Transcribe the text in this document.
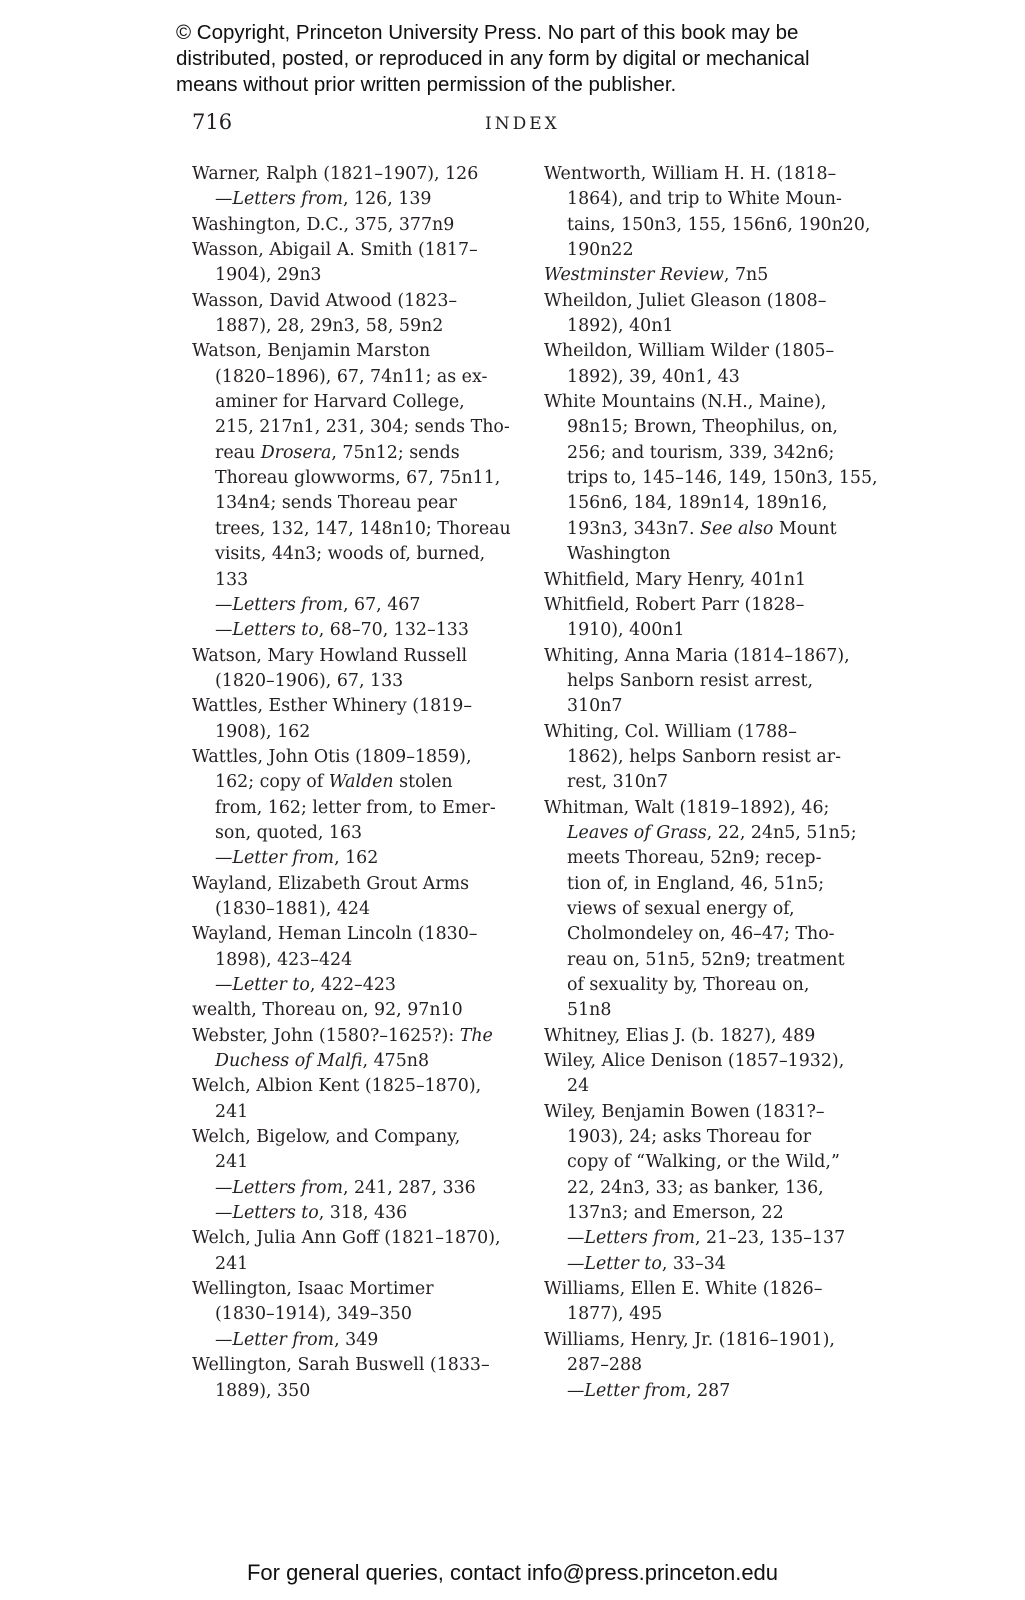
© Copyright, Princeton University Press. No part of this book may be
distributed, posted, or reproduced in any form by digital or mechanical
means without prior written permission of the publisher.
716	INDEX
Warner, Ralph (1821–1907), 126
—Letters from, 126, 139
Washington, D.C., 375, 377n9
Wasson, Abigail A. Smith (1817–
1904), 29n3
Wasson, David Atwood (1823–
1887), 28, 29n3, 58, 59n2
Watson, Benjamin Marston
(1820–1896), 67, 74n11; as ex-
aminer for Harvard College,
215, 217n1, 231, 304; sends Tho-
reau Drosera, 75n12; sends
Thoreau glowworms, 67, 75n11,
134n4; sends Thoreau pear
trees, 132, 147, 148n10; Thoreau
visits, 44n3; woods of, burned,
133
—Letters from, 67, 467
—Letters to, 68–70, 132–133
Watson, Mary Howland Russell
(1820–1906), 67, 133
Wattles, Esther Whinery (1819–
1908), 162
Wattles, John Otis (1809–1859),
162; copy of Walden stolen
from, 162; letter from, to Emer-
son, quoted, 163
—Letter from, 162
Wayland, Elizabeth Grout Arms
(1830–1881), 424
Wayland, Heman Lincoln (1830–
1898), 423–424
—Letter to, 422–423
wealth, Thoreau on, 92, 97n10
Webster, John (1580?–1625?): The
Duchess of Malfi, 475n8
Welch, Albion Kent (1825–1870),
241
Welch, Bigelow, and Company,
241
—Letters from, 241, 287, 336
—Letters to, 318, 436
Welch, Julia Ann Goff (1821–1870),
241
Wellington, Isaac Mortimer
(1830–1914), 349–350
—Letter from, 349
Wellington, Sarah Buswell (1833–
1889), 350
Wentworth, William H. H. (1818–
1864), and trip to White Moun-
tains, 150n3, 155, 156n6, 190n20,
190n22
Westminster Review, 7n5
Wheildon, Juliet Gleason (1808–
1892), 40n1
Wheildon, William Wilder (1805–
1892), 39, 40n1, 43
White Mountains (N.H., Maine),
98n15; Brown, Theophilus, on,
256; and tourism, 339, 342n6;
trips to, 145–146, 149, 150n3, 155,
156n6, 184, 189n14, 189n16,
193n3, 343n7. See also Mount
Washington
Whitfield, Mary Henry, 401n1
Whitfield, Robert Parr (1828–
1910), 400n1
Whiting, Anna Maria (1814–1867),
helps Sanborn resist arrest,
310n7
Whiting, Col. William (1788–
1862), helps Sanborn resist ar-
rest, 310n7
Whitman, Walt (1819–1892), 46;
Leaves of Grass, 22, 24n5, 51n5;
meets Thoreau, 52n9; recep-
tion of, in England, 46, 51n5;
views of sexual energy of,
Cholmondeley on, 46–47; Tho-
reau on, 51n5, 52n9; treatment
of sexuality by, Thoreau on,
51n8
Whitney, Elias J. (b. 1827), 489
Wiley, Alice Denison (1857–1932),
24
Wiley, Benjamin Bowen (1831?–
1903), 24; asks Thoreau for
copy of “Walking, or the Wild,”
22, 24n3, 33; as banker, 136,
137n3; and Emerson, 22
—Letters from, 21–23, 135–137
—Letter to, 33–34
Williams, Ellen E. White (1826–
1877), 495
Williams, Henry, Jr. (1816–1901),
287–288
—Letter from, 287
For general queries, contact info@press.princeton.edu
